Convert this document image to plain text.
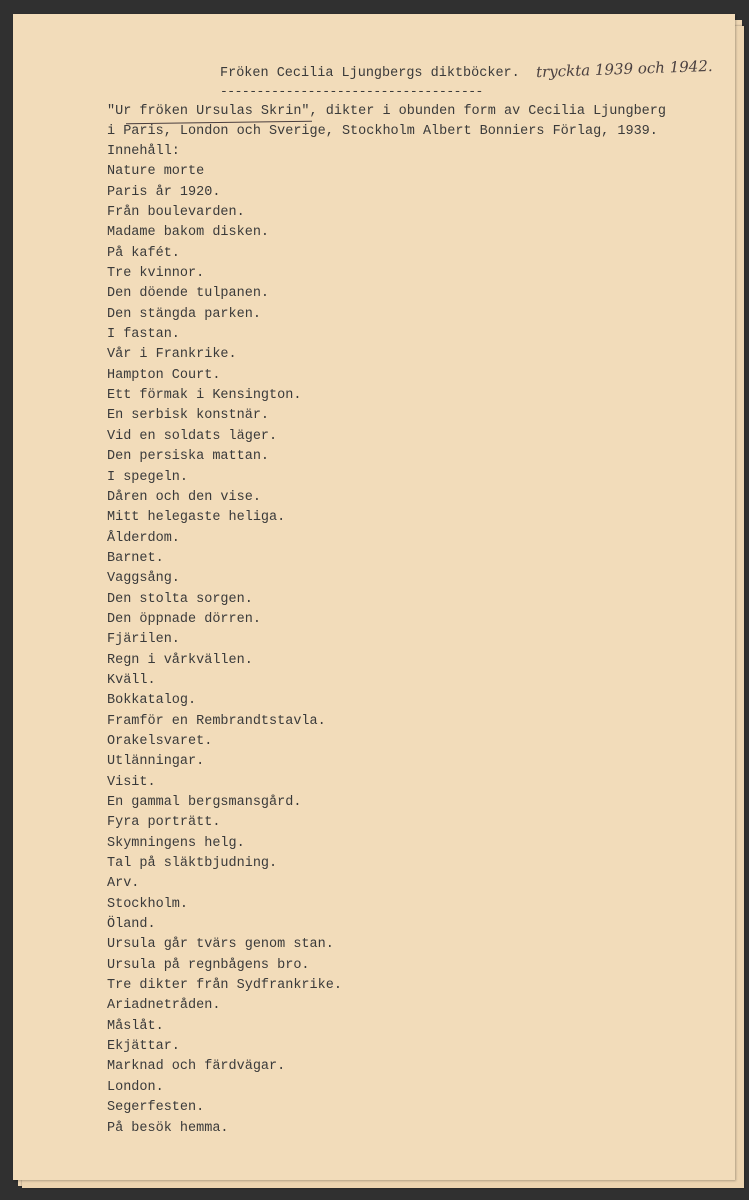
Fröken Cecilia Ljungbergs diktböcker.
------------------------------------
tryckta 1939 och 1942.
"Ur fröken Ursulas Skrin", dikter i obunden form av Cecilia Ljungberg
i Paris, London och Sverige, Stockholm Albert Bonniers Förlag, 1939.
Innehåll:
Nature morte
Paris år 1920.
Från boulevarden.
Madame bakom disken.
På kafét.
Tre kvinnor.
Den döende tulpanen.
Den stängda parken.
I fastan.
Vår i Frankrike.
Hampton Court.
Ett förmak i Kensington.
En serbisk konstnär.
Vid en soldats läger.
Den persiska mattan.
I spegeln.
Dåren och den vise.
Mitt helegaste heliga.
Ålderdom.
Barnet.
Vaggsång.
Den stolta sorgen.
Den öppnade dörren.
Fjärilen.
Regn i vårkvällen.
Kväll.
Bokkatalog.
Framför en Rembrandtstavla.
Orakelsvaret.
Utlänningar.
Visit.
En gammal bergsmansgård.
Fyra porträtt.
Skymningens helg.
Tal på släktbjudning.
Arv.
Stockholm.
Öland.
Ursula går tvärs genom stan.
Ursula på regnbågens bro.
Tre dikter från Sydfrankrike.
Ariadnetråden.
Måslåt.
Ekjättar.
Marknad och färdvägar.
London.
Segerfesten.
På besök hemma.
